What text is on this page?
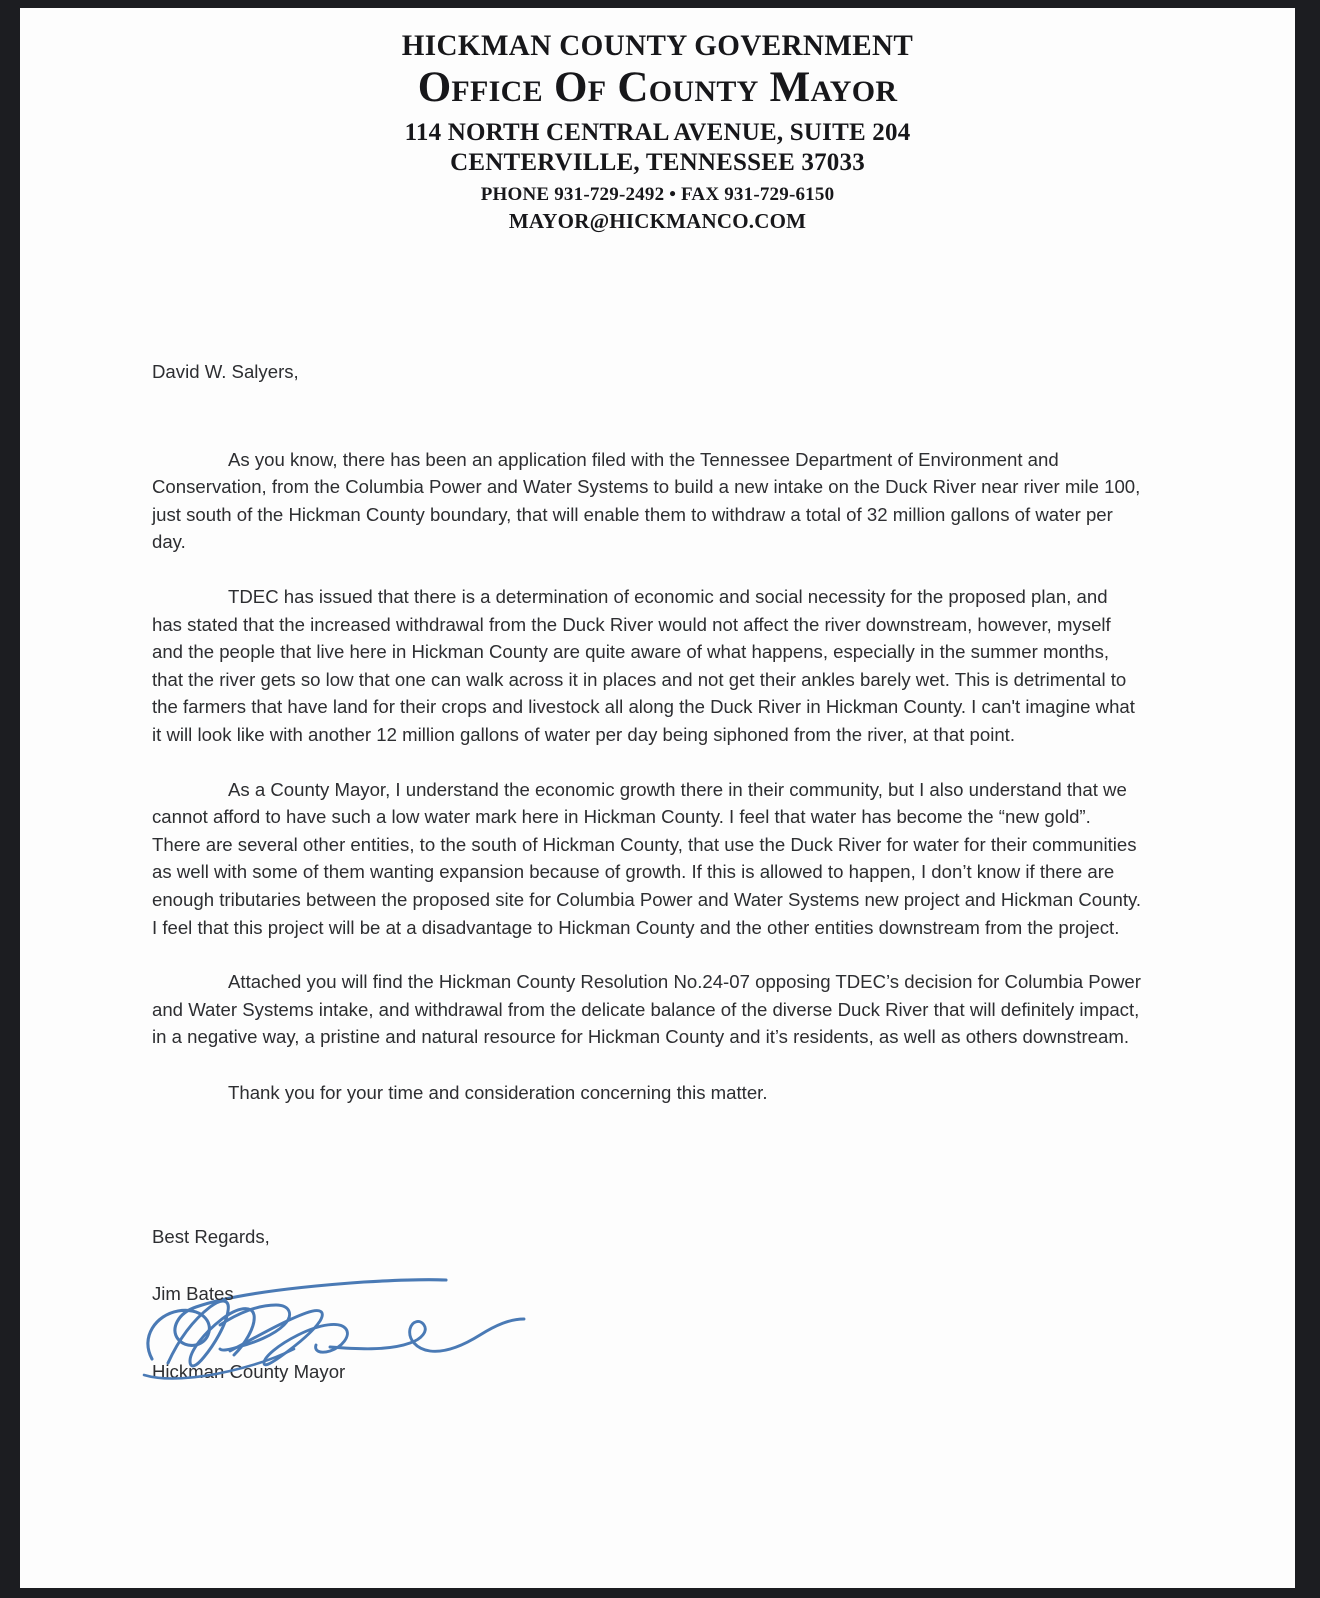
HICKMAN COUNTY GOVERNMENT
Office Of County Mayor
114 NORTH CENTRAL AVENUE, SUITE 204
CENTERVILLE, TENNESSEE 37033
PHONE 931-729-2492 • FAX 931-729-6150
MAYOR@HICKMANCO.COM

David W. Salyers,

As you know, there has been an application filed with the Tennessee Department of Environment and Conservation, from the Columbia Power and Water Systems to build a new intake on the Duck River near river mile 100, just south of the Hickman County boundary, that will enable them to withdraw a total of 32 million gallons of water per day.

TDEC has issued that there is a determination of economic and social necessity for the proposed plan, and has stated that the increased withdrawal from the Duck River would not affect the river downstream, however, myself and the people that live here in Hickman County are quite aware of what happens, especially in the summer months, that the river gets so low that one can walk across it in places and not get their ankles barely wet. This is detrimental to the farmers that have land for their crops and livestock all along the Duck River in Hickman County. I can't imagine what it will look like with another 12 million gallons of water per day being siphoned from the river, at that point.

As a County Mayor, I understand the economic growth there in their community, but I also understand that we cannot afford to have such a low water mark here in Hickman County. I feel that water has become the “new gold”. There are several other entities, to the south of Hickman County, that use the Duck River for water for their communities as well with some of them wanting expansion because of growth. If this is allowed to happen, I don’t know if there are enough tributaries between the proposed site for Columbia Power and Water Systems new project and Hickman County. I feel that this project will be at a disadvantage to Hickman County and the other entities downstream from the project.

Attached you will find the Hickman County Resolution No.24-07 opposing TDEC’s decision for Columbia Power and Water Systems intake, and withdrawal from the delicate balance of the diverse Duck River that will definitely impact, in a negative way, a pristine and natural resource for Hickman County and it’s residents, as well as others downstream.

Thank you for your time and consideration concerning this matter.

Best Regards,

Jim Bates

Hickman County Mayor
